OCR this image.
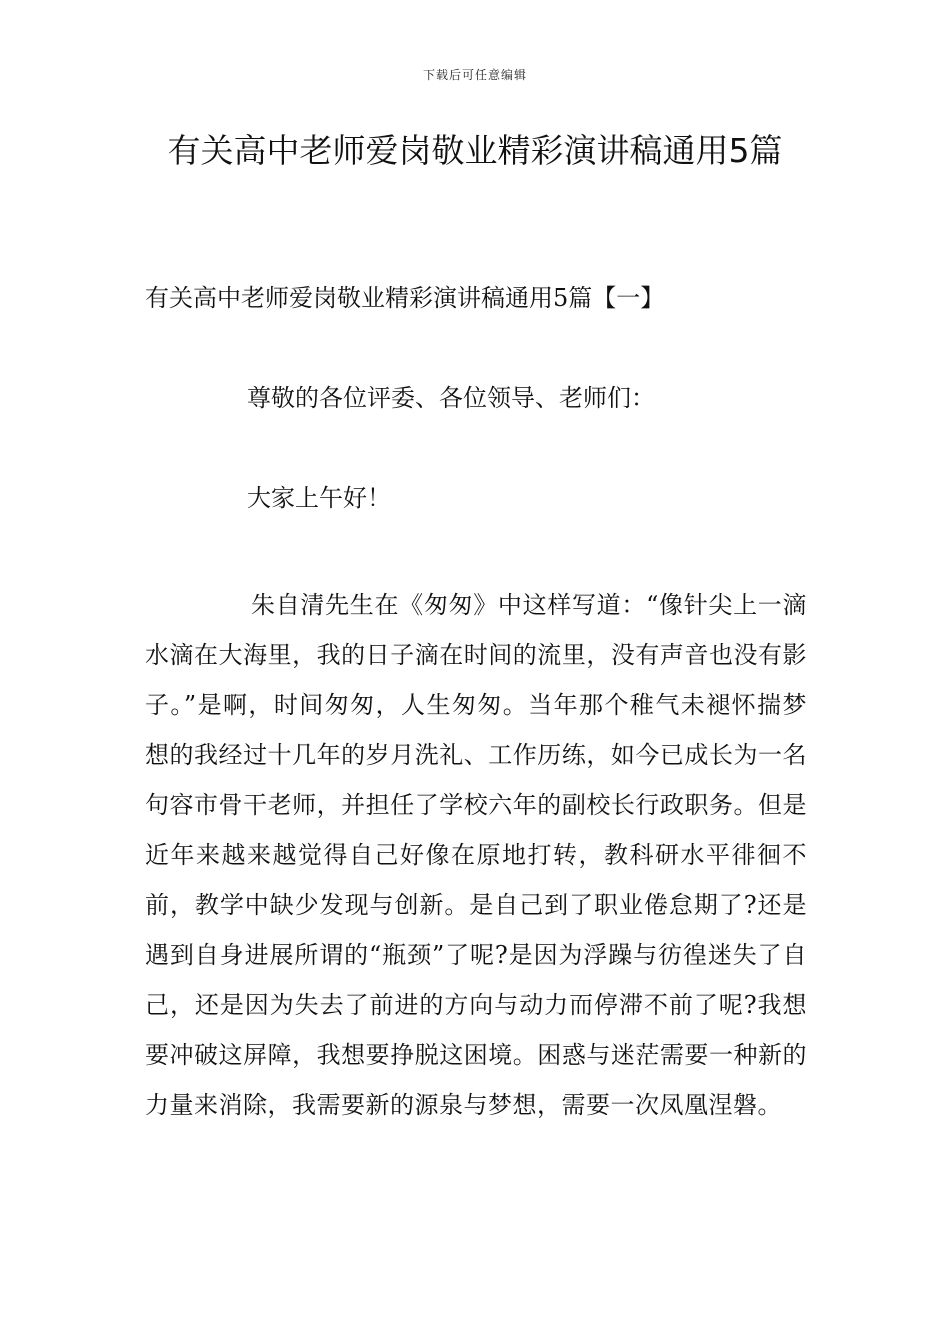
下载后可任意编辑
有关高中老师爱岗敬业精彩演讲稿通用5篇
有关高中老师爱岗敬业精彩演讲稿通用5篇【一】
尊敬的各位评委、各位领导、老师们：
大家上午好！

朱自清先生在《匆匆》中这样写道：“像针尖上一滴水滴在大海里，我的日子滴在时间的流里，没有声音也没有影子。”是啊，时间匆匆，人生匆匆。当年那个稚气未褪怀揣梦想的我经过十几年的岁月洗礼、工作历练，如今已成长为一名句容市骨干老师，并担任了学校六年的副校长行政职务。但是近年来越来越觉得自己好像在原地打转，教科研水平徘徊不前，教学中缺少发现与创新。是自己到了职业倦怠期了?还是遇到自身进展所谓的“瓶颈”了呢?是因为浮躁与彷徨迷失了自己，还是因为失去了前进的方向与动力而停滞不前了呢?我想要冲破这屏障，我想要挣脱这困境。困惑与迷茫需要一种新的力量来消除，我需要新的源泉与梦想，需要一次凤凰涅磐。
